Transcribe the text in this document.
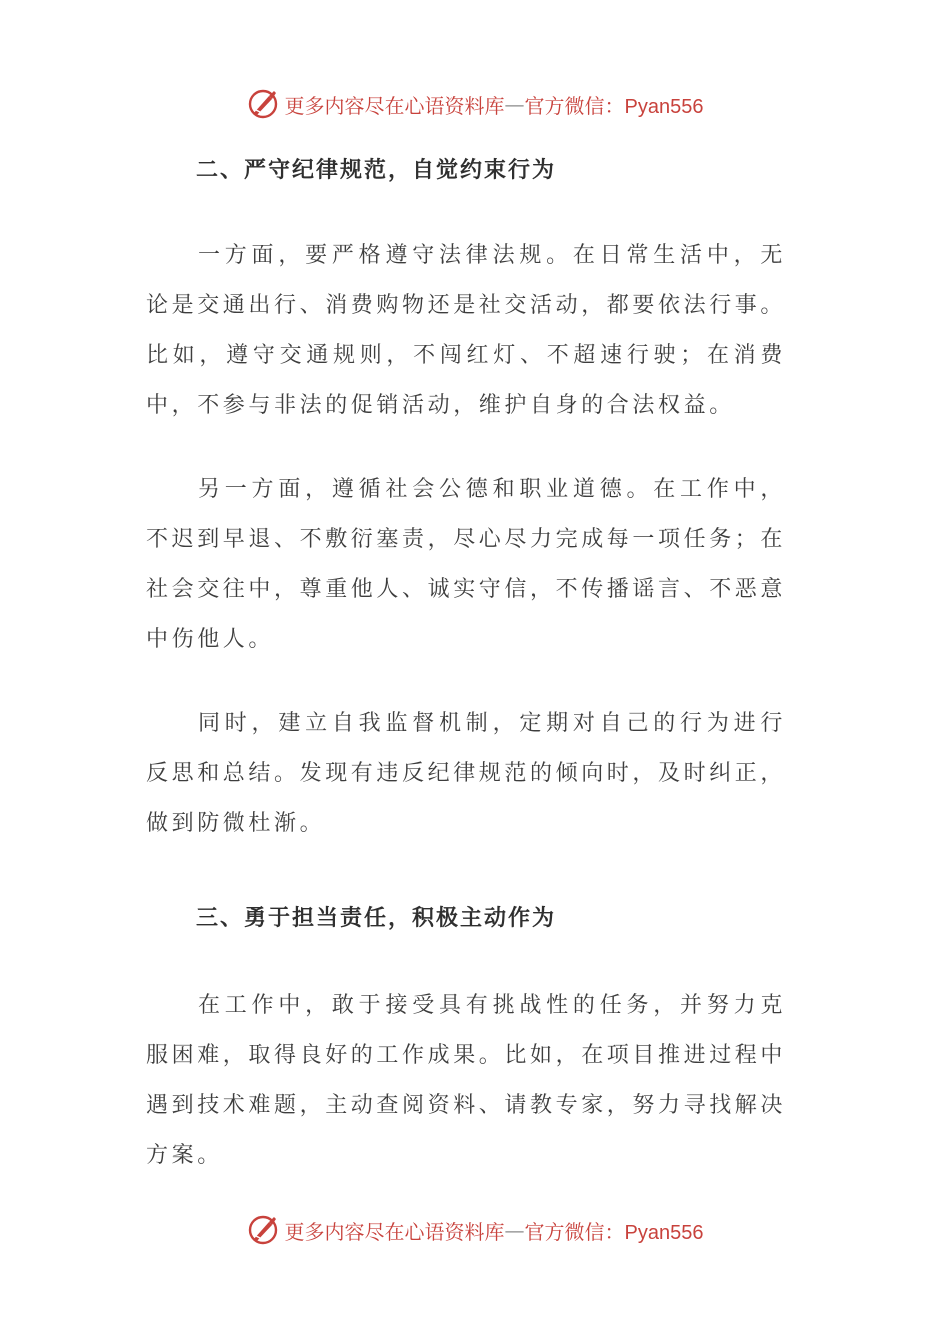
更多内容尽在心语资料库 — 官方微信：Pyan556
二、严守纪律规范，自觉约束行为

一方面，要严格遵守法律法规。在日常生活中，无论是交通出行、消费购物还是社交活动，都要依法行事。比如，遵守交通规则，不闯红灯、不超速行驶；在消费中，不参与非法的促销活动，维护自身的合法权益。

另一方面，遵循社会公德和职业道德。在工作中，不迟到早退、不敷衍塞责，尽心尽力完成每一项任务；在社会交往中，尊重他人、诚实守信，不传播谣言、不恶意中伤他人。

同时，建立自我监督机制，定期对自己的行为进行反思和总结。发现有违反纪律规范的倾向时，及时纠正，做到防微杜渐。

三、勇于担当责任，积极主动作为

在工作中，敢于接受具有挑战性的任务，并努力克服困难，取得良好的工作成果。比如，在项目推进过程中遇到技术难题，主动查阅资料、请教专家，努力寻找解决方案。

更多内容尽在心语资料库 — 官方微信：Pyan556
